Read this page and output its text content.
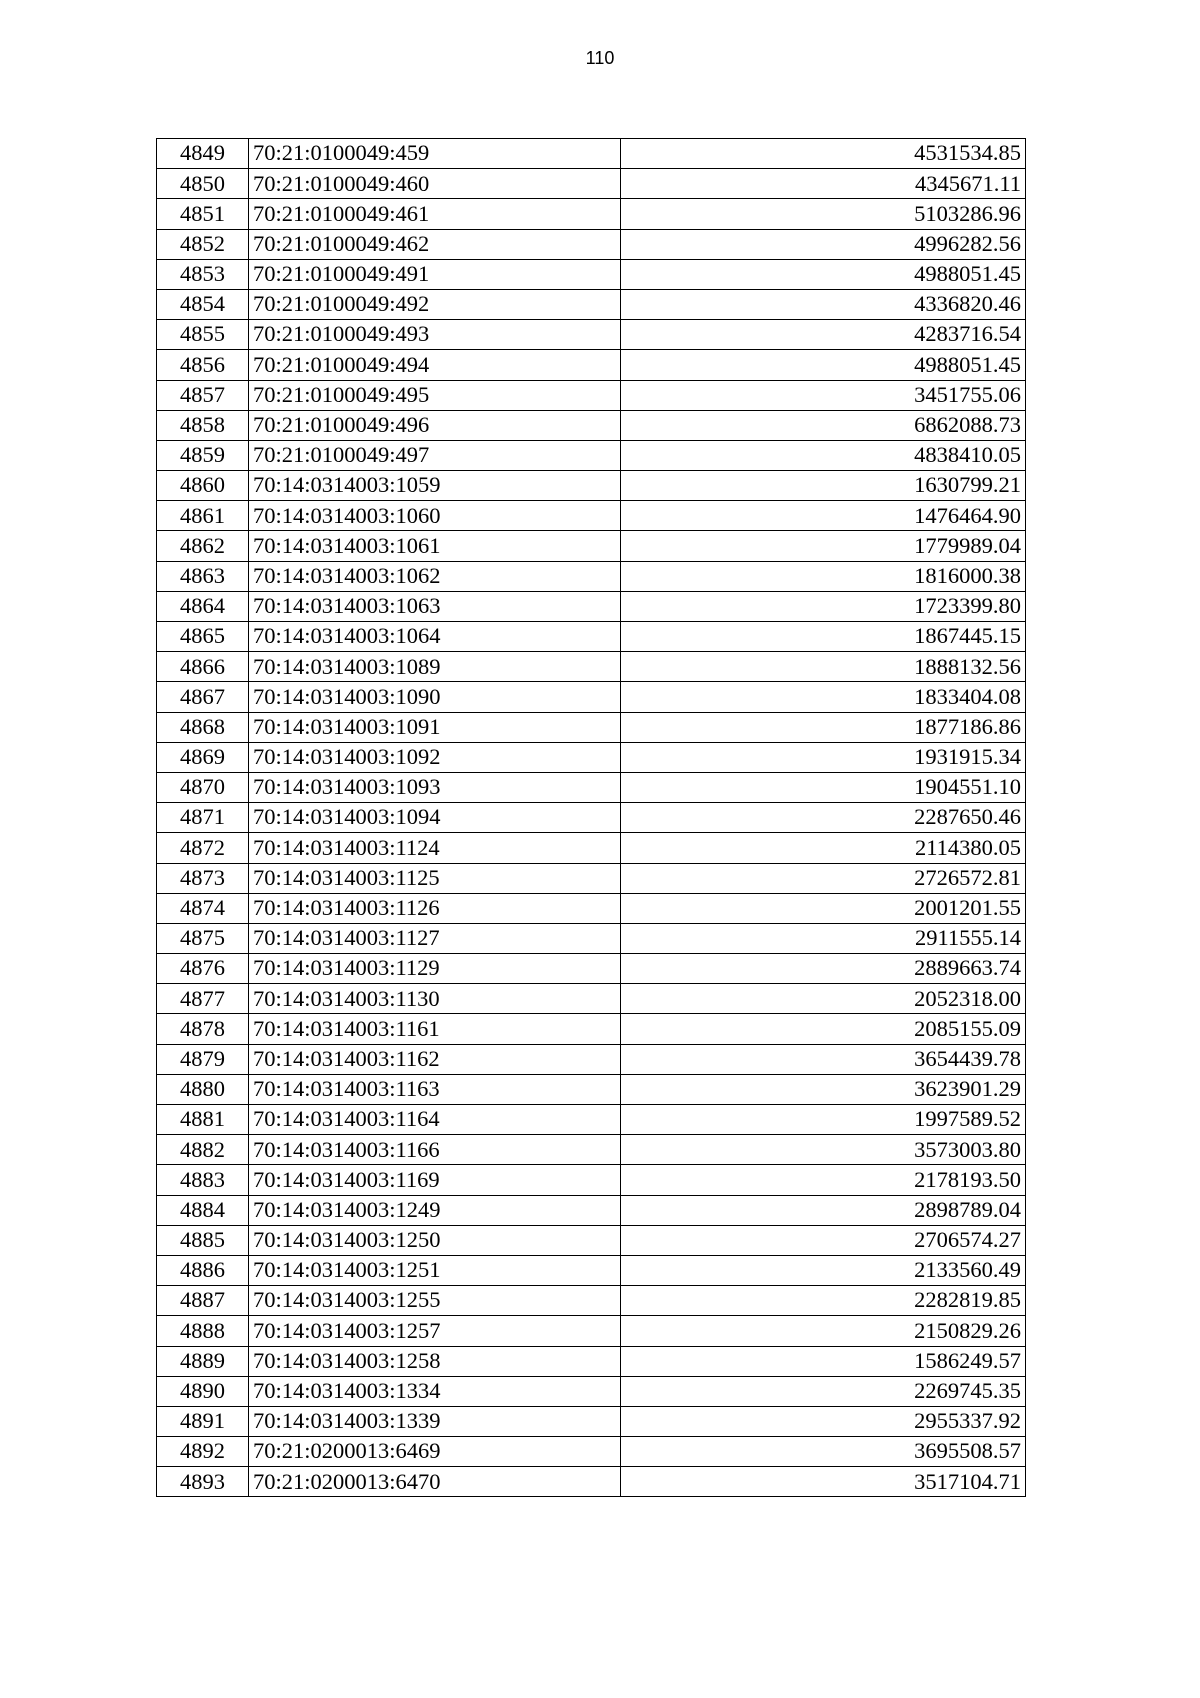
110
4849	70:21:0100049:459	4531534.85
4850	70:21:0100049:460	4345671.11
4851	70:21:0100049:461	5103286.96
4852	70:21:0100049:462	4996282.56
4853	70:21:0100049:491	4988051.45
4854	70:21:0100049:492	4336820.46
4855	70:21:0100049:493	4283716.54
4856	70:21:0100049:494	4988051.45
4857	70:21:0100049:495	3451755.06
4858	70:21:0100049:496	6862088.73
4859	70:21:0100049:497	4838410.05
4860	70:14:0314003:1059	1630799.21
4861	70:14:0314003:1060	1476464.90
4862	70:14:0314003:1061	1779989.04
4863	70:14:0314003:1062	1816000.38
4864	70:14:0314003:1063	1723399.80
4865	70:14:0314003:1064	1867445.15
4866	70:14:0314003:1089	1888132.56
4867	70:14:0314003:1090	1833404.08
4868	70:14:0314003:1091	1877186.86
4869	70:14:0314003:1092	1931915.34
4870	70:14:0314003:1093	1904551.10
4871	70:14:0314003:1094	2287650.46
4872	70:14:0314003:1124	2114380.05
4873	70:14:0314003:1125	2726572.81
4874	70:14:0314003:1126	2001201.55
4875	70:14:0314003:1127	2911555.14
4876	70:14:0314003:1129	2889663.74
4877	70:14:0314003:1130	2052318.00
4878	70:14:0314003:1161	2085155.09
4879	70:14:0314003:1162	3654439.78
4880	70:14:0314003:1163	3623901.29
4881	70:14:0314003:1164	1997589.52
4882	70:14:0314003:1166	3573003.80
4883	70:14:0314003:1169	2178193.50
4884	70:14:0314003:1249	2898789.04
4885	70:14:0314003:1250	2706574.27
4886	70:14:0314003:1251	2133560.49
4887	70:14:0314003:1255	2282819.85
4888	70:14:0314003:1257	2150829.26
4889	70:14:0314003:1258	1586249.57
4890	70:14:0314003:1334	2269745.35
4891	70:14:0314003:1339	2955337.92
4892	70:21:0200013:6469	3695508.57
4893	70:21:0200013:6470	3517104.71
